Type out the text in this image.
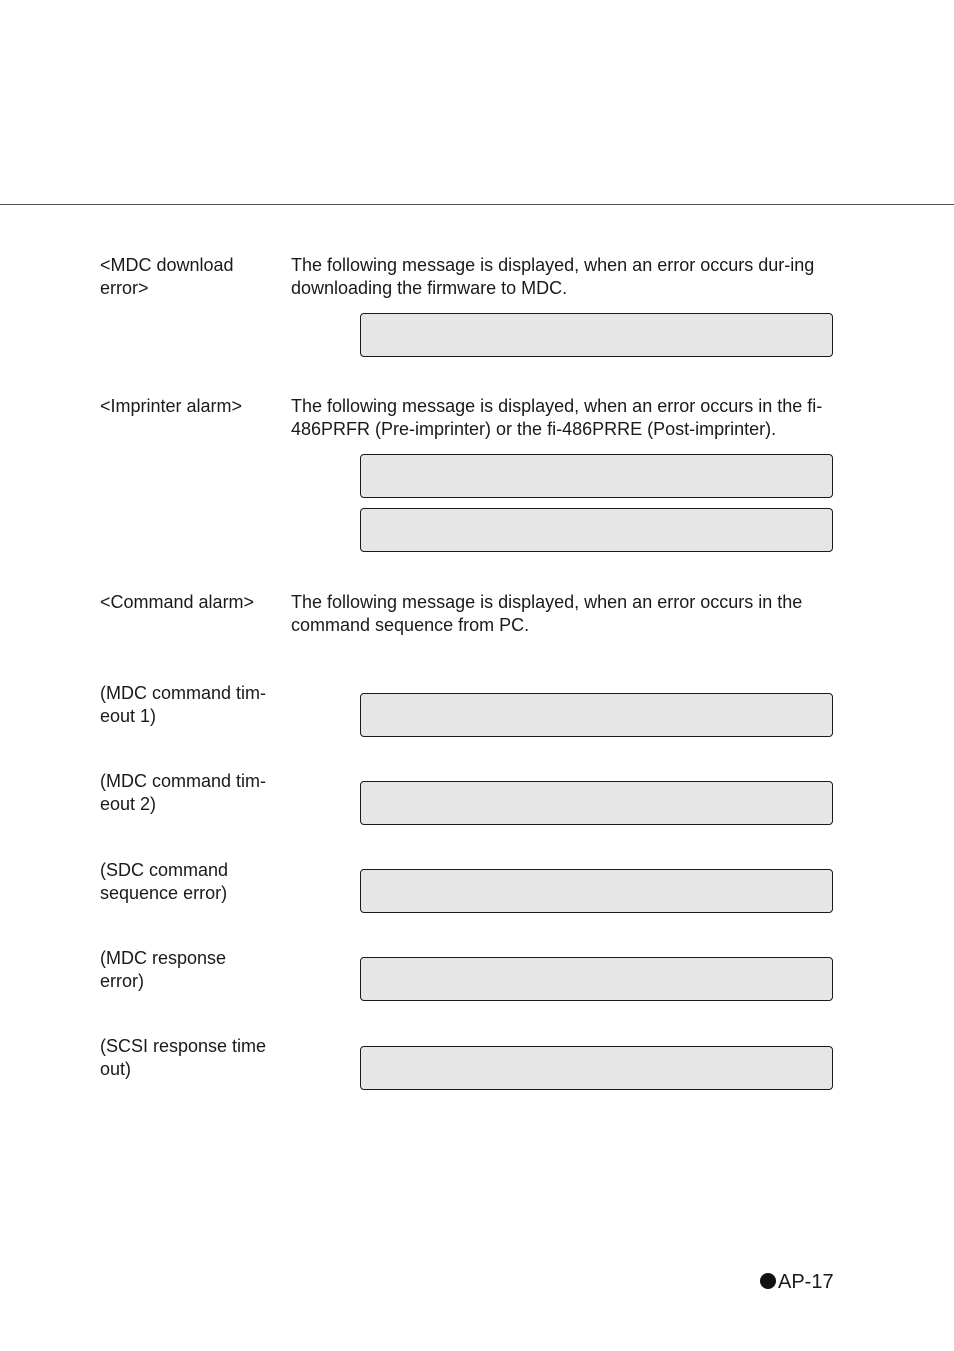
<MDC download error>

The following message is displayed, when an error occurs dur-ing downloading the firmware to MDC.

<Imprinter alarm>	The following message is displayed, when an error occurs in the fi-486PRFR (Pre-imprinter) or the fi-486PRRE (Post-imprinter).

<Command alarm>	The following message is displayed, when an error occurs in the command sequence from PC.

(MDC command tim-eout 1)

(MDC command tim-eout 2)

(SDC command sequence error)

(MDC response error)

(SCSI response time out)

AP-17
